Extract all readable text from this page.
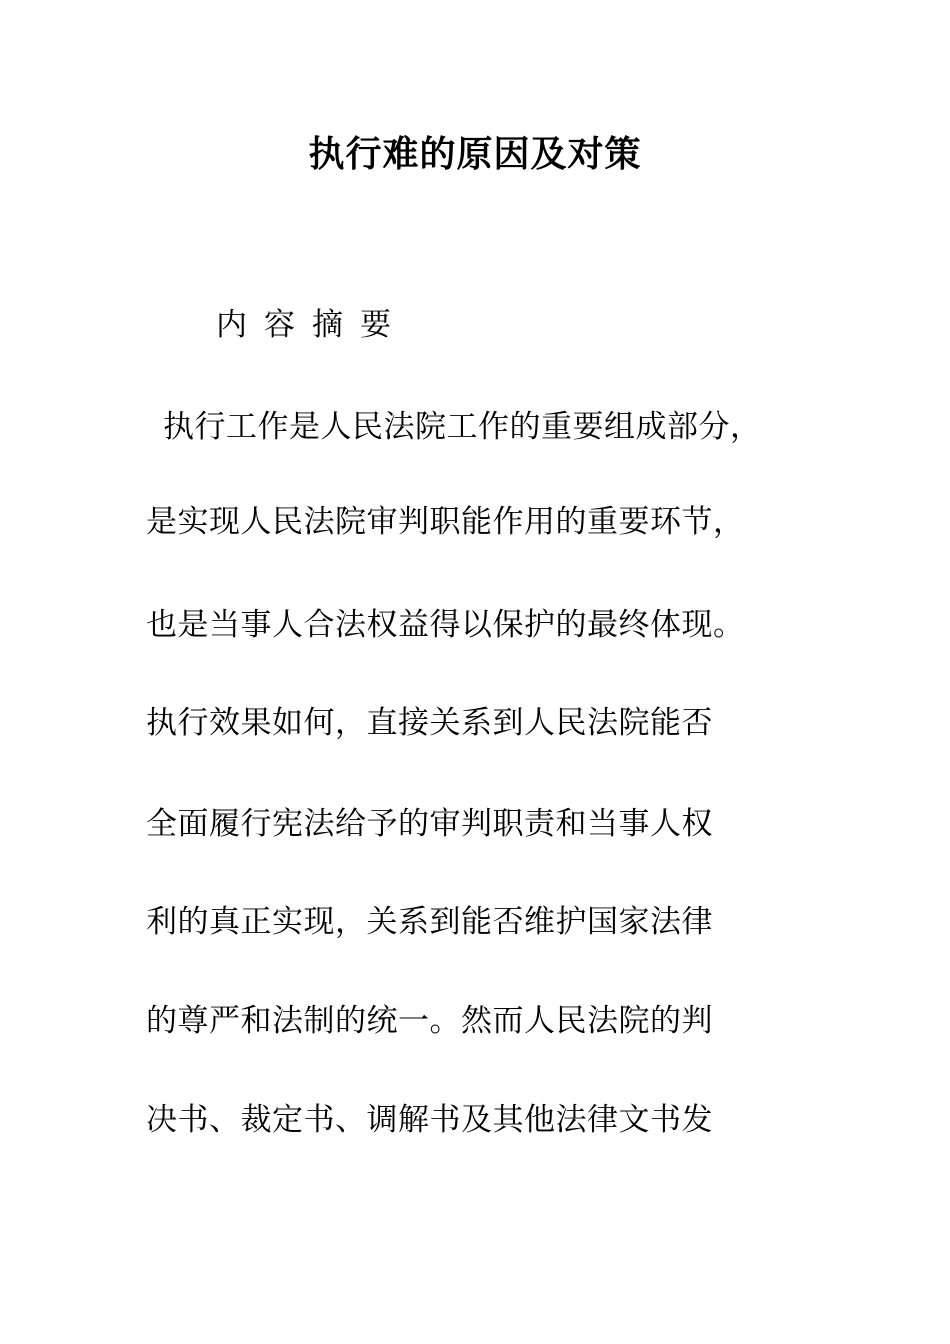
执行难的原因及对策
内容摘要
执行工作是人民法院工作的重要组成部分，
是实现人民法院审判职能作用的重要环节，
也是当事人合法权益得以保护的最终体现。
执行效果如何，直接关系到人民法院能否
全面履行宪法给予的审判职责和当事人权
利的真正实现，关系到能否维护国家法律
的尊严和法制的统一。然而人民法院的判
决书、裁定书、调解书及其他法律文书发
